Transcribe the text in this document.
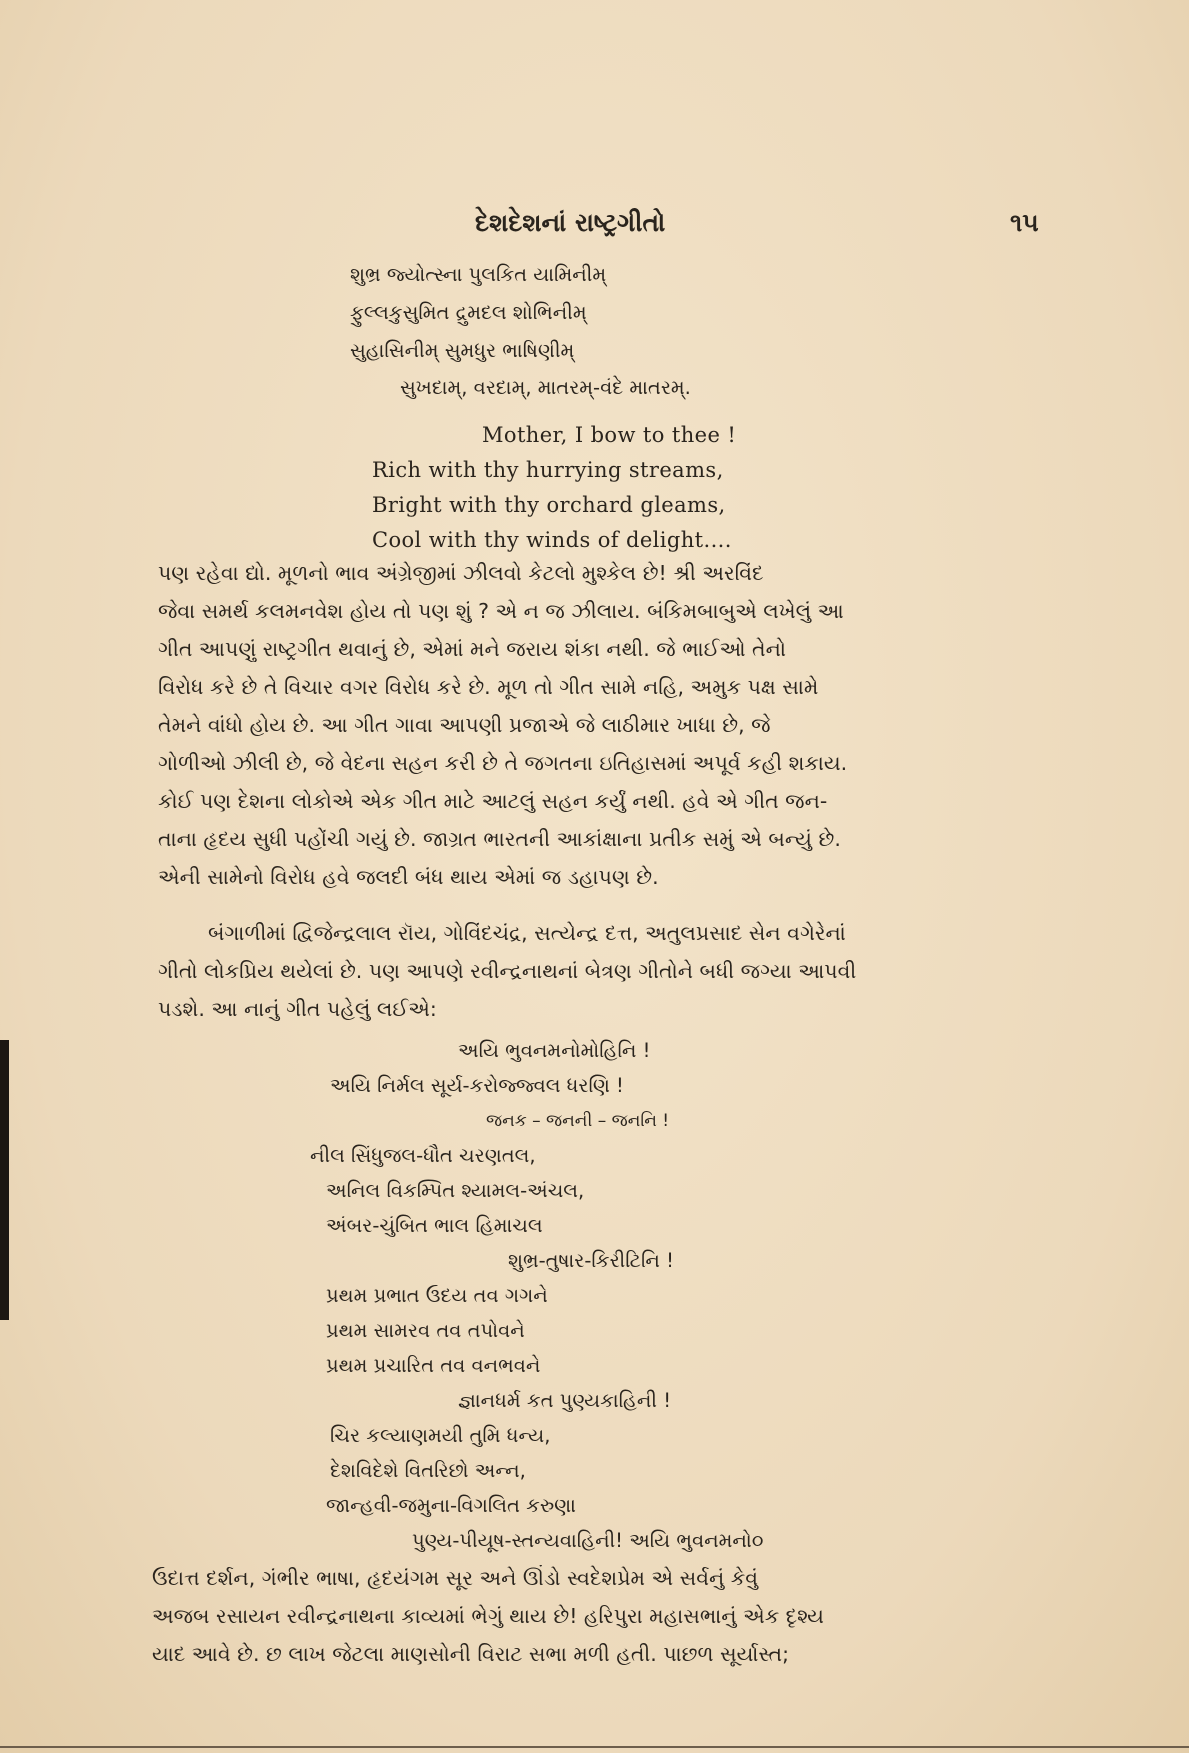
દેશદેશનાં રાષ્ટ્રગીતો	૧૫
શુભ્ર જ્યોત્સ્ના પુલકિત યામિનીમ્
ફુલ્લકુસુમિત દ્રુમદલ શોભિનીમ્
સુહાસિનીમ્ સુમધુર ભાષિણીમ્
સુખદામ્, વરદામ્, માતરમ્-વંદે માતરમ્.
Mother, I bow to thee !
Rich with thy hurrying streams,
Bright with thy orchard gleams,
Cool with thy winds of delight....
પણ રહેવા દ્યો. મૂળનો ભાવ અંગ્રેજીમાં ઝીલવો કેટલો મુશ્કેલ છે! શ્રી અરવિંદ
જેવા સમર્થ કલમનવેશ હોય તો પણ શું ? એ ન જ ઝીલાય. બંકિમબાબુએ લખેલું આ
ગીત આપણું રાષ્ટ્રગીત થવાનું છે, એમાં મને જરાય શંકા નથી. જે ભાઈઓ તેનો
વિરોધ કરે છે તે વિચાર વગર વિરોધ કરે છે. મૂળ તો ગીત સામે નહિ, અમુક પક્ષ સામે
તેમને વાંધો હોય છે. આ ગીત ગાવા આપણી પ્રજાએ જે લાઠીમાર ખાધા છે, જે
ગોળીઓ ઝીલી છે, જે વેદના સહન કરી છે તે જગતના ઇતિહાસમાં અપૂર્વ કહી શકાય.
કોઈ પણ દેશના લોકોએ એક ગીત માટે આટલું સહન કર્યું નથી. હવે એ ગીત જન-
તાના હૃદય સુધી પહોંચી ગયું છે. જાગ્રત ભારતની આકાંક્ષાના પ્રતીક સમું એ બન્યું છે.
એની સામેનો વિરોધ હવે જલદી બંધ થાય એમાં જ ડહાપણ છે.
બંગાળીમાં દ્વિજેન્દ્રલાલ રૉય, ગોવિંદચંદ્ર, સત્યેન્દ્ર દત્ત, અતુલપ્રસાદ સેન વગેરેનાં
ગીતો લોકપ્રિય થયેલાં છે. પણ આપણે રવીન્દ્રનાથનાં બેત્રણ ગીતોને બધી જગ્યા આપવી
પડશે. આ નાનું ગીત પહેલું લઈએ:
અયિ ભુવનમનોમોહિનિ !
અયિ નિર્મલ સૂર્ય-કરોજ્જ્વલ ધરણિ !
જનક – જનની – જનનિ !
નીલ સિંધુજલ-ધૌત ચરણતલ,
અનિલ વિકમ્પિત શ્યામલ-અંચલ,
અંબર-ચુંબિત ભાલ હિમાચલ
શુભ્ર-તુષાર-કિરીટિનિ !
પ્રથમ પ્રભાત ઉદય તવ ગગને
પ્રથમ સામરવ તવ તપોવને
પ્રથમ પ્રચારિત તવ વનભવને
જ્ઞાનધર્મ કત પુણ્યકાહિની !
ચિર કલ્યાણમયી તુમિ ધન્ય,
દેશવિદેશે વિતરિછો અન્ન,
જાન્હવી-જમુના-વિગલિત કરુણા
પુણ્ય-પીયૂષ-સ્તન્યવાહિની! અયિ ભુવનમનો૦
ઉદાત્ત દર્શન, ગંભીર ભાષા, હૃદયંગમ સૂર અને ઊંડો સ્વદેશપ્રેમ એ સર્વનું કેવું
અજબ રસાયન રવીન્દ્રનાથના કાવ્યમાં ભેગું થાય છે! હરિપુરા મહાસભાનું એક દૃશ્ય
યાદ આવે છે. છ લાખ જેટલા માણસોની વિરાટ સભા મળી હતી. પાછળ સૂર્યાસ્ત;
